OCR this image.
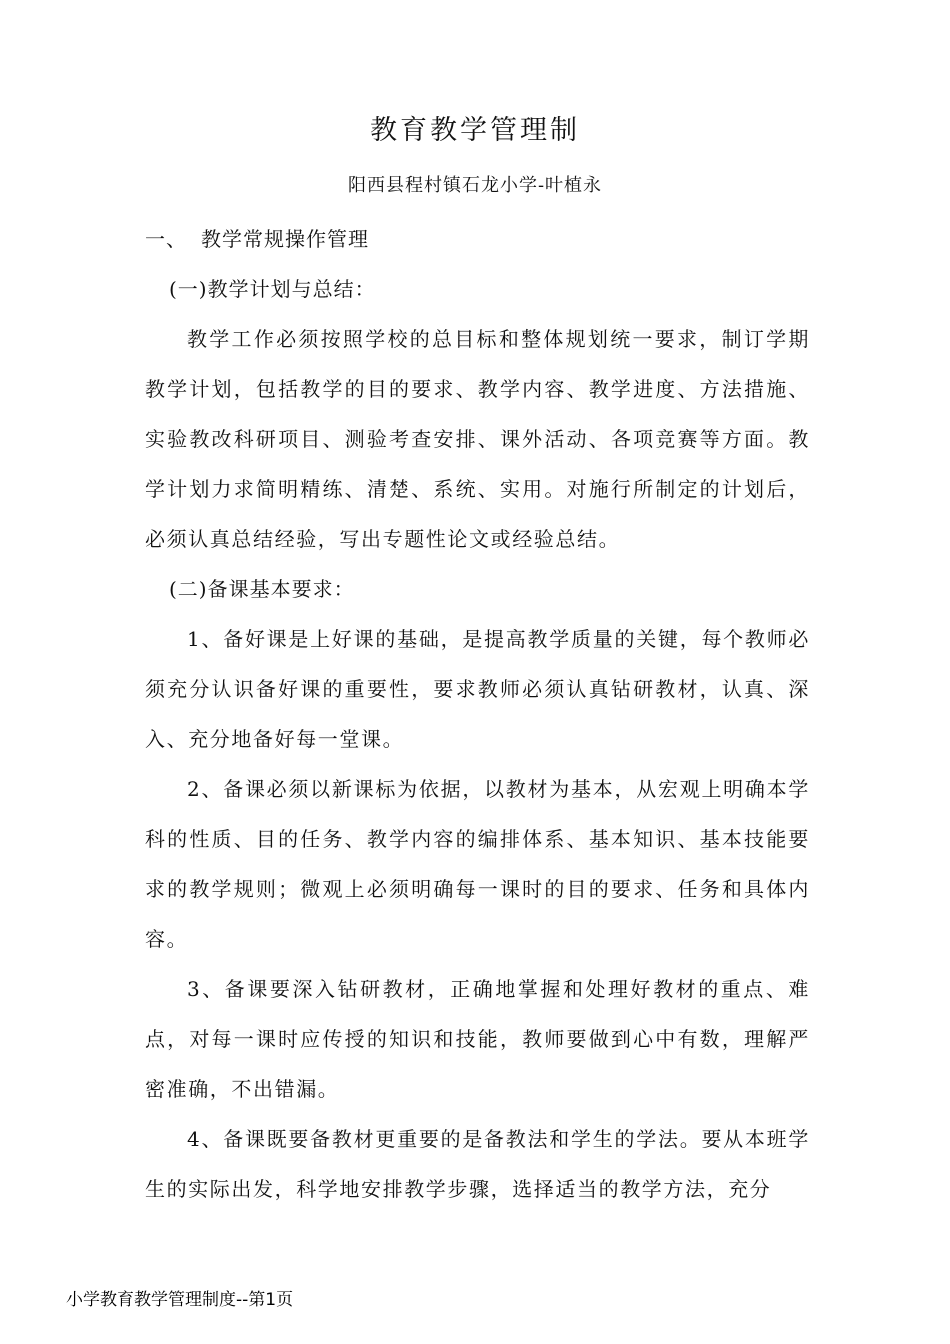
教育教学管理制
阳西县程村镇石龙小学-叶植永
一、 教学常规操作管理
(一)教学计划与总结：

教学工作必须按照学校的总目标和整体规划统一要求，制订学期教学计划，包括教学的目的要求、教学内容、教学进度、方法措施、实验教改科研项目、测验考查安排、课外活动、各项竞赛等方面。教学计划力求简明精练、清楚、系统、实用。对施行所制定的计划后，必须认真总结经验，写出专题性论文或经验总结。

(二)备课基本要求：

1、备好课是上好课的基础，是提高教学质量的关键，每个教师必须充分认识备好课的重要性，要求教师必须认真钻研教材，认真、深入、充分地备好每一堂课。

2、备课必须以新课标为依据，以教材为基本，从宏观上明确本学科的性质、目的任务、教学内容的编排体系、基本知识、基本技能要求的教学规则；微观上必须明确每一课时的目的要求、任务和具体内容。

3、备课要深入钻研教材，正确地掌握和处理好教材的重点、难点，对每一课时应传授的知识和技能，教师要做到心中有数，理解严密准确，不出错漏。

4、备课既要备教材更重要的是备教法和学生的学法。要从本班学生的实际出发，科学地安排教学步骤，选择适当的教学方法，充分

小学教育教学管理制度--第1页
